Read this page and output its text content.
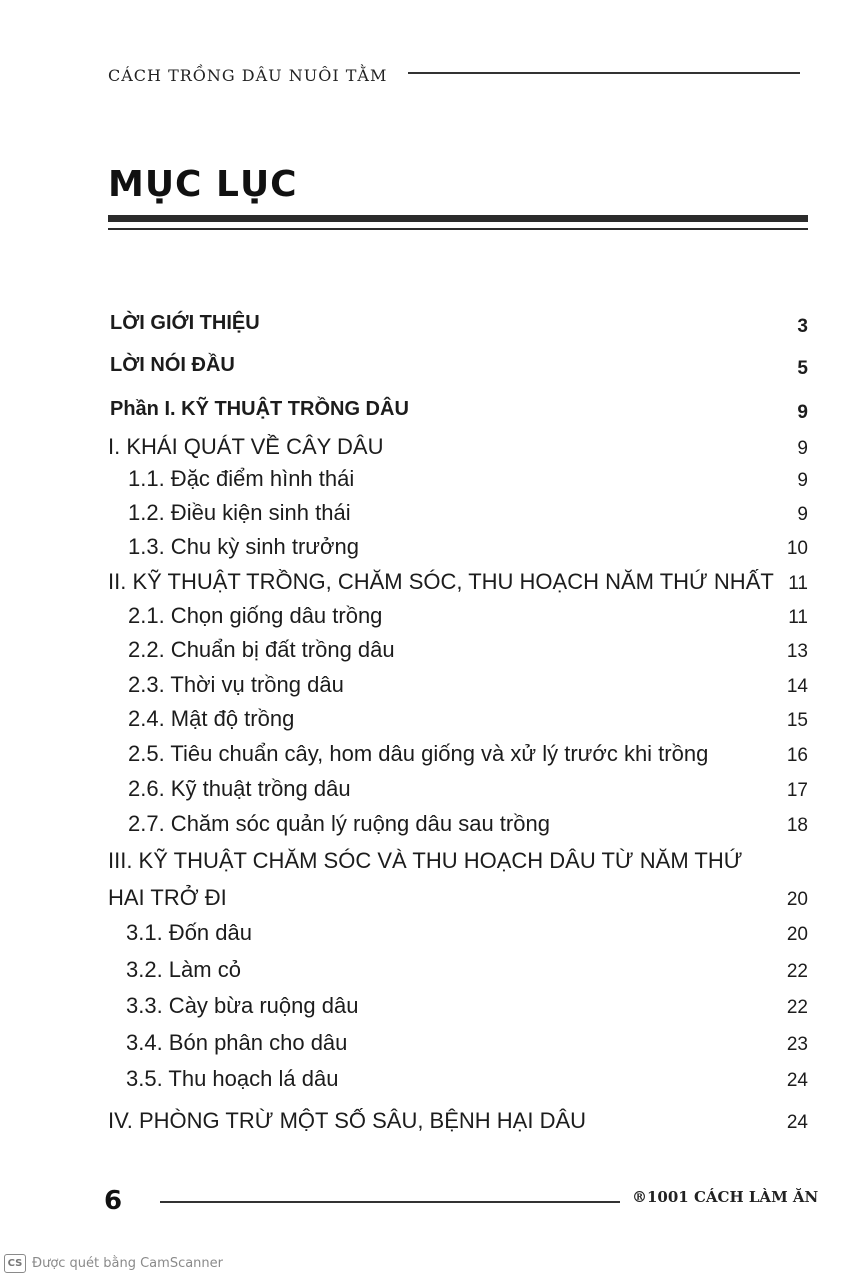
CÁCH TRỒNG DÂU NUÔI TẰM
MỤC LỤC
LỜI GIỚI THIỆU	3
LỜI NÓI ĐẦU	5
Phần I. KỸ THUẬT TRỒNG DÂU	9
I. KHÁI QUÁT VỀ CÂY DÂU	9
1.1. Đặc điểm hình thái	9
1.2. Điều kiện sinh thái	9
1.3. Chu kỳ sinh trưởng	10
II. KỸ THUẬT TRỒNG, CHĂM SÓC, THU HOẠCH NĂM THỨ NHẤT 11
2.1. Chọn giống dâu trồng	11
2.2. Chuẩn bị đất trồng dâu	13
2.3. Thời vụ trồng dâu	14
2.4. Mật độ trồng	15
2.5. Tiêu chuẩn cây, hom dâu giống và xử lý trước khi trồng	16
2.6. Kỹ thuật trồng dâu	17
2.7. Chăm sóc quản lý ruộng dâu sau trồng	18
III. KỸ THUẬT CHĂM SÓC VÀ THU HOẠCH DÂU TỪ NĂM THỨ
HAI TRỞ ĐI	20
3.1. Đốn dâu	20
3.2. Làm cỏ	22
3.3. Cày bừa ruộng dâu	22
3.4. Bón phân cho dâu	23
3.5. Thu hoạch lá dâu	24
IV. PHÒNG TRỪ MỘT SỐ SÂU, BỆNH HẠI DÂU	24
6	®1001 CÁCH LÀM ĂN
CS Được quét bằng CamScanner
